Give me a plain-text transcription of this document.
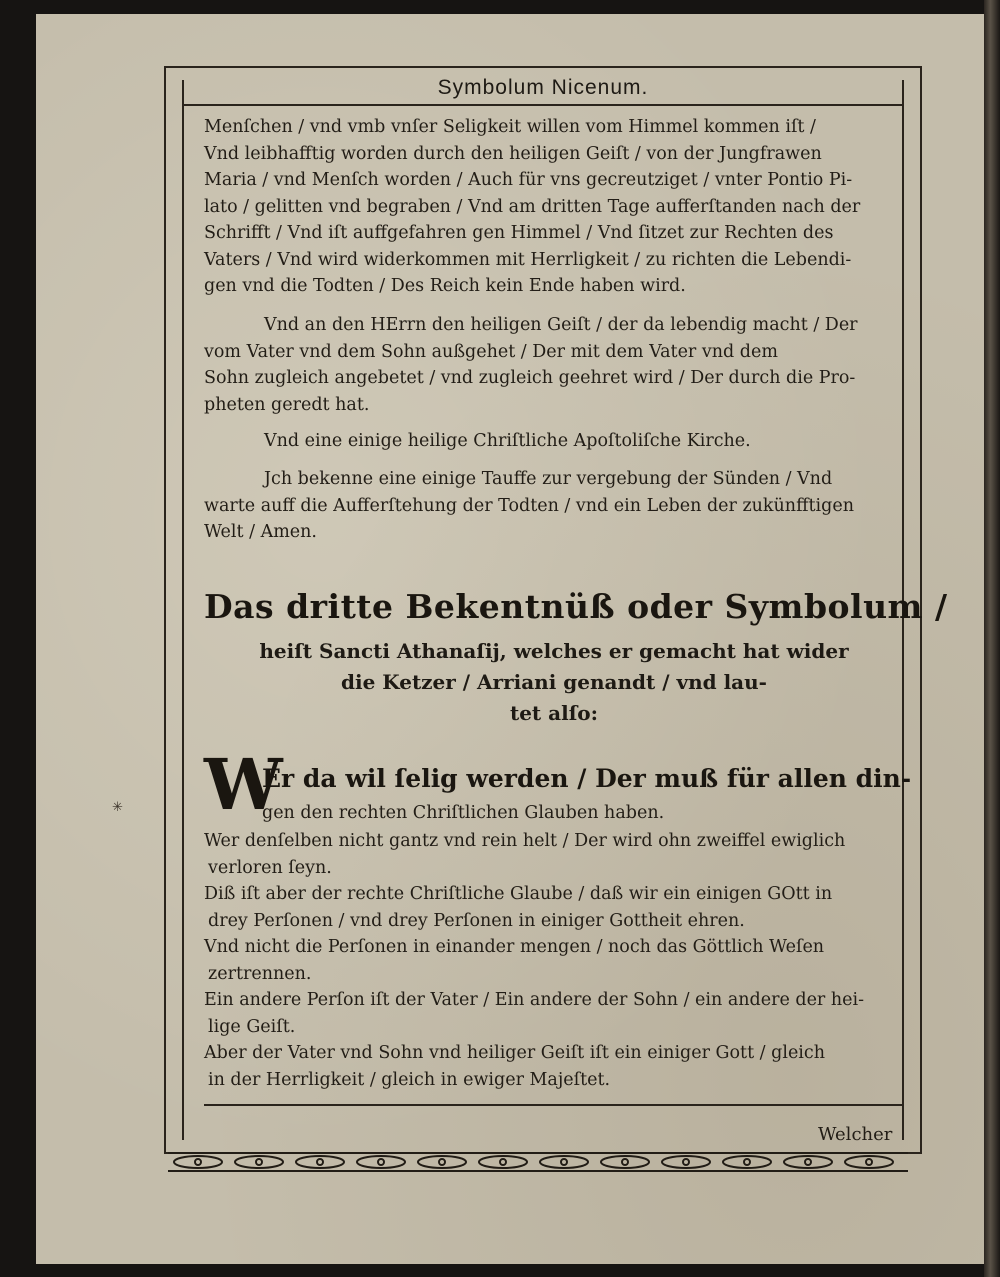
Symbolum Nicenum.
Menſchen / vnd vmb vnſer Seligkeit willen vom Himmel kommen iſt /
Vnd leibhafftig worden durch den heiligen Geiſt / von der Jungfrawen
Maria / vnd Menſch worden / Auch für vns gecreutziget / vnter Pontio Pi-
lato / gelitten vnd begraben / Vnd am dritten Tage aufferſtanden nach der
Schrifft / Vnd iſt auffgefahren gen Himmel / Vnd ſitzet zur Rechten des
Vaters / Vnd wird widerkommen mit Herrligkeit / zu richten die Lebendi-
gen vnd die Todten / Des Reich kein Ende haben wird.
Vnd an den HErrn den heiligen Geiſt / der da lebendig macht / Der
vom Vater vnd dem Sohn außgehet / Der mit dem Vater vnd dem
Sohn zugleich angebetet / vnd zugleich geehret wird / Der durch die Pro-
pheten geredt hat.
Vnd eine einige heilige Chriſtliche Apoſtoliſche Kirche.
Jch bekenne eine einige Tauffe zur vergebung der Sünden / Vnd
warte auff die Aufferſtehung der Todten / vnd ein Leben der zukünfftigen
Welt / Amen.
Das dritte Bekentnüß oder Symbolum /
heiſt Sancti Athanaſij, welches er gemacht hat wider
die Ketzer / Arriani genandt / vnd lau-
tet alſo:
W
Er da wil ſelig werden / Der muß für allen din-
gen den rechten Chriſtlichen Glauben haben.
Wer denſelben nicht gantz vnd rein helt / Der wird ohn zweiffel ewiglich
verloren ſeyn.
Diß iſt aber der rechte Chriſtliche Glaube / daß wir ein einigen GOtt in
drey Perſonen / vnd drey Perſonen in einiger Gottheit ehren.
Vnd nicht die Perſonen in einander mengen / noch das Göttlich Weſen
zertrennen.
Ein andere Perſon iſt der Vater / Ein andere der Sohn / ein andere der hei-
lige Geiſt.
Aber der Vater vnd Sohn vnd heiliger Geiſt iſt ein einiger Gott / gleich
in der Herrligkeit / gleich in ewiger Majeſtet.
Welcher
✳
